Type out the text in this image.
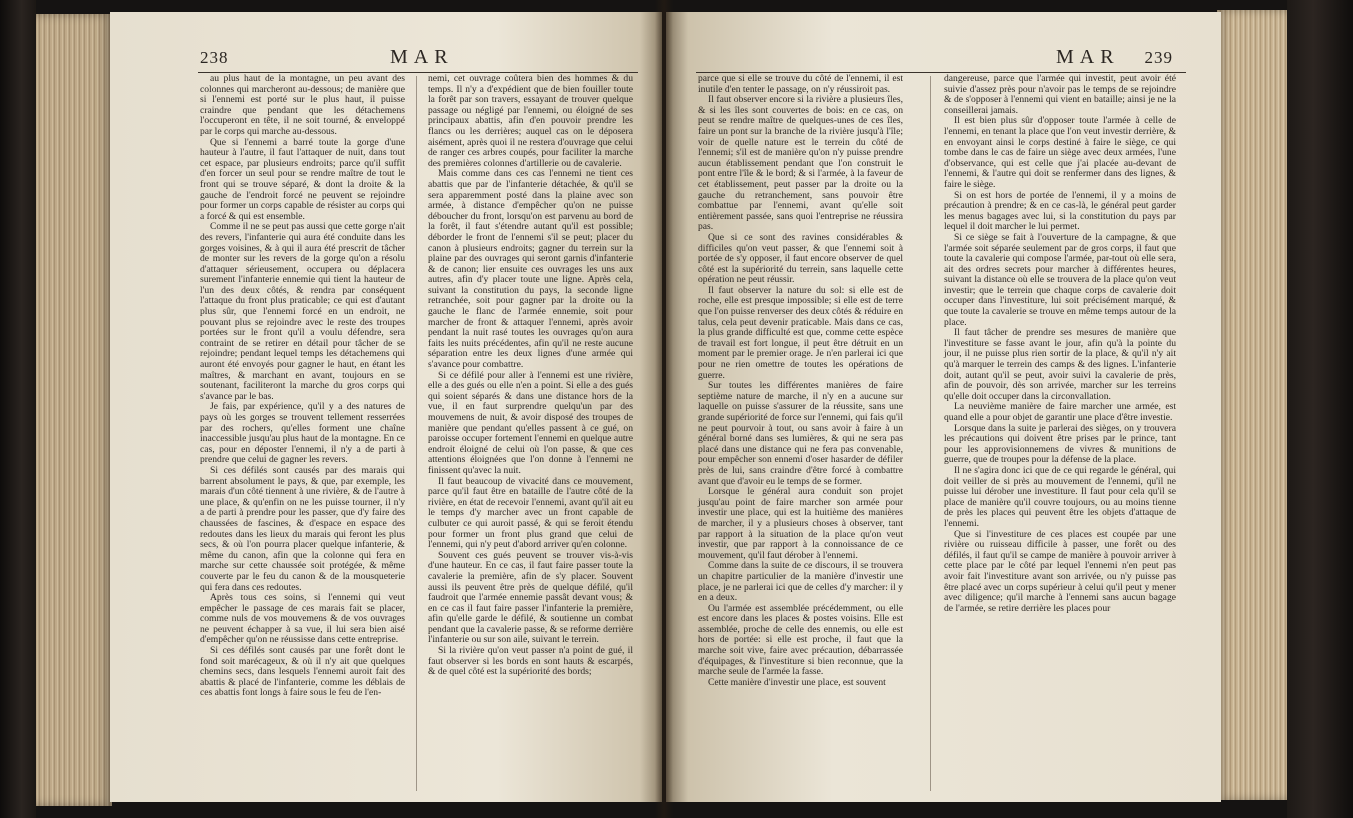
238	MAR

au plus haut de la montagne, un peu avant des colonnes qui marcheront au-dessous; de manière que si l'ennemi est porté sur le plus haut, il puisse craindre que pendant que les détachemens l'occuperont en tête, il ne soit tourné, & enveloppé par le corps qui marche au-dessous.

Que si l'ennemi a barré toute la gorge d'une hauteur à l'autre, il faut l'attaquer de nuit, dans tout cet espace, par plusieurs endroits; parce qu'il suffit d'en forcer un seul pour se rendre maître de tout le front qui se trouve séparé, & dont la droite & la gauche de l'endroit forcé ne peuvent se rejoindre pour former un corps capable de résister au corps qui a forcé & qui est ensemble.

Comme il ne se peut pas aussi que cette gorge n'ait des revers, l'infanterie qui aura été conduite dans les gorges voisines, & à qui il aura été prescrit de tâcher de monter sur les revers de la gorge qu'on a résolu d'attaquer sérieusement, occupera ou déplacera surement l'infanterie ennemie qui tient la hauteur de l'un des deux côtés, & rendra par conséquent l'attaque du front plus praticable; ce qui est d'autant plus sûr, que l'ennemi forcé en un endroit, ne pouvant plus se rejoindre avec le reste des troupes portées sur le front qu'il a voulu défendre, sera contraint de se retirer en détail pour tâcher de se rejoindre; pendant lequel temps les détachemens qui auront été envoyés pour gagner le haut, en étant les maîtres, & marchant en avant, toujours en se soutenant, faciliteront la marche du gros corps qui s'avance par le bas.

Je fais, par expérience, qu'il y a des natures de pays où les gorges se trouvent tellement resserrées par des rochers, qu'elles forment une chaîne inaccessible jusqu'au plus haut de la montagne. En ce cas, pour en déposter l'ennemi, il n'y a de parti à prendre que celui de gagner les revers.

Si ces défilés sont causés par des marais qui barrent absolument le pays, & que, par exemple, les marais d'un côté tiennent à une rivière, & de l'autre à une place, & qu'enfin on ne les puisse tourner, il n'y a de parti à prendre pour les passer, que d'y faire des chaussées de fascines, & d'espace en espace des redoutes dans les lieux du marais qui feront les plus secs, & où l'on pourra placer quelque infanterie, & même du canon, afin que la colonne qui fera en marche sur cette chaussée soit protégée, & même couverte par le feu du canon & de la mousqueterie qui fera dans ces redoutes.

Après tous ces soins, si l'ennemi qui veut empêcher le passage de ces marais fait se placer, comme nuls de vos mouvemens & de vos ouvrages ne peuvent échapper à sa vue, il lui sera bien aisé d'empêcher qu'on ne réussisse dans cette entreprise.

Si ces défilés sont causés par une forêt dont le fond soit marécageux, & où il n'y ait que quelques chemins secs, dans lesquels l'ennemi auroit fait des abattis & placé de l'infanterie, comme les déblais de ces abattis font longs à faire sous le feu de l'en-

nemi, cet ouvrage coûtera bien des hommes & du temps. Il n'y a d'expédient que de bien fouiller toute la forêt par son travers, essayant de trouver quelque passage ou négligé par l'ennemi, ou éloigné de ses principaux abattis, afin d'en pouvoir prendre les flancs ou les derrières; auquel cas on le déposera aisément, après quoi il ne restera d'ouvrage que celui de ranger ces arbres coupés, pour faciliter la marche des premières colonnes d'artillerie ou de cavalerie.

Mais comme dans ces cas l'ennemi ne tient ces abattis que par de l'infanterie détachée, & qu'il se sera apparemment posté dans la plaine avec son armée, à distance d'empêcher qu'on ne puisse déboucher du front, lorsqu'on est parvenu au bord de la forêt, il faut s'étendre autant qu'il est possible; déborder le front de l'ennemi s'il se peut; placer du canon à plusieurs endroits; gagner du terrein sur la plaine par des ouvrages qui seront garnis d'infanterie & de canon; lier ensuite ces ouvrages les uns aux autres, afin d'y placer toute une ligne. Après cela, suivant la constitution du pays, la seconde ligne retranchée, soit pour gagner par la droite ou la gauche le flanc de l'armée ennemie, soit pour marcher de front & attaquer l'ennemi, après avoir pendant la nuit rasé toutes les ouvrages qu'on aura faits les nuits précédentes, afin qu'il ne reste aucune séparation entre les deux lignes d'une armée qui s'avance pour combattre.

Si ce défilé pour aller à l'ennemi est une rivière, elle a des gués ou elle n'en a point. Si elle a des gués qui soient séparés & dans une distance hors de la vue, il en faut surprendre quelqu'un par des mouvemens de nuit, & avoir disposé des troupes de manière que pendant qu'elles passent à ce gué, on paroisse occuper fortement l'ennemi en quelque autre endroit éloigné de celui où l'on passe, & que ces attentions éloignées que l'on donne à l'ennemi ne finissent qu'avec la nuit.

Il faut beaucoup de vivacité dans ce mouvement, parce qu'il faut être en bataille de l'autre côté de la rivière, en état de recevoir l'ennemi, avant qu'il ait eu le temps d'y marcher avec un front capable de culbuter ce qui auroit passé, & qui se feroit étendu pour former un front plus grand que celui de l'ennemi, qui n'y peut d'abord arriver qu'en colonne.

Souvent ces gués peuvent se trouver vis-à-vis d'une hauteur. En ce cas, il faut faire passer toute la cavalerie la première, afin de s'y placer. Souvent aussi ils peuvent être près de quelque défilé, qu'il faudroit que l'armée ennemie passât devant vous; & en ce cas il faut faire passer l'infanterie la première, afin qu'elle garde le défilé, & soutienne un combat pendant que la cavalerie passe, & se reforme derrière l'infanterie ou sur son aile, suivant le terrein.

Si la rivière qu'on veut passer n'a point de gué, il faut observer si les bords en sont hauts & escarpés, & de quel côté est la supériorité des bords;

MAR 239

parce que si elle se trouve du côté de l'ennemi, il est inutile d'en tenter le passage, on n'y réussiroit pas.

Il faut observer encore si la rivière a plusieurs îles, & si les îles sont couvertes de bois: en ce cas, on peut se rendre maître de quelques-unes de ces îles, faire un pont sur la branche de la rivière jusqu'à l'île; voir de quelle nature est le terrein du côté de l'ennemi; s'il est de manière qu'on n'y puisse prendre aucun établissement pendant que l'on construit le pont entre l'île & le bord; & si l'armée, à la faveur de cet établissement, peut passer par la droite ou la gauche du retranchement, sans pouvoir être combattue par l'ennemi, avant qu'elle soit entièrement passée, sans quoi l'entreprise ne réussira pas.

Que si ce sont des ravines considérables & difficiles qu'on veut passer, & que l'ennemi soit à portée de s'y opposer, il faut encore observer de quel côté est la supériorité du terrein, sans laquelle cette opération ne peut réussir.

Il faut observer la nature du sol: si elle est de roche, elle est presque impossible; si elle est de terre que l'on puisse renverser des deux côtés & réduire en talus, cela peut devenir praticable. Mais dans ce cas, la plus grande difficulté est que, comme cette espèce de travail est fort longue, il peut être détruit en un moment par le premier orage. Je n'en parlerai ici que pour ne rien omettre de toutes les opérations de guerre.

Sur toutes les différentes manières de faire septième nature de marche, il n'y en a aucune sur laquelle on puisse s'assurer de la réussite, sans une grande supériorité de force sur l'ennemi, qui fais qu'il ne peut pourvoir à tout, ou sans avoir à faire à un général borné dans ses lumières, & qui ne sera pas placé dans une distance qui ne fera pas convenable, pour empêcher son ennemi d'oser hasarder de défiler près de lui, sans craindre d'être forcé à combattre avant que d'avoir eu le temps de se former.

Lorsque le général aura conduit son projet jusqu'au point de faire marcher son armée pour investir une place, qui est la huitième des manières de marcher, il y a plusieurs choses à observer, tant par rapport à la situation de la place qu'on veut investir, que par rapport à la connoissance de ce mouvement, qu'il faut dérober à l'ennemi.

Comme dans la suite de ce discours, il se trouvera un chapitre particulier de la manière d'investir une place, je ne parlerai ici que de celles d'y marcher: il y en a deux.

Ou l'armée est assemblée précédemment, ou elle est encore dans les places & postes voisins. Elle est assemblée, proche de celle des ennemis, ou elle est hors de portée: si elle est proche, il faut que la marche soit vive, faire avec précaution, débarrassée d'équipages, & l'investiture si bien reconnue, que la marche seule de l'armée la fasse.

Cette manière d'investir une place, est souvent

dangereuse, parce que l'armée qui investit, peut avoir été suivie d'assez près pour n'avoir pas le temps de se rejoindre & de s'opposer à l'ennemi qui vient en bataille; ainsi je ne la conseillerai jamais.

Il est bien plus sûr d'opposer toute l'armée à celle de l'ennemi, en tenant la place que l'on veut investir derrière, & en envoyant ainsi le corps destiné à faire le siège, ce qui tombe dans le cas de faire un siège avec deux armées, l'une d'observance, qui est celle que j'ai placée au-devant de l'ennemi, & l'autre qui doit se renfermer dans des lignes, & faire le siège.

Si on est hors de portée de l'ennemi, il y a moins de précaution à prendre; & en ce cas-là, le général peut garder les menus bagages avec lui, si la constitution du pays par lequel il doit marcher le lui permet.

Si ce siège se fait à l'ouverture de la campagne, & que l'armée soit séparée seulement par de gros corps, il faut que toute la cavalerie qui compose l'armée, par-tout où elle sera, ait des ordres secrets pour marcher à différentes heures, suivant la distance où elle se trouvera de la place qu'on veut investir; que le terrein que chaque corps de cavalerie doit occuper dans l'investiture, lui soit précisément marqué, & que toute la cavalerie se trouve en même temps autour de la place.

Il faut tâcher de prendre ses mesures de manière que l'investiture se fasse avant le jour, afin qu'à la pointe du jour, il ne puisse plus rien sortir de la place, & qu'il n'y ait qu'à marquer le terrein des camps & des lignes. L'infanterie doit, autant qu'il se peut, avoir suivi la cavalerie de près, afin de pouvoir, dès son arrivée, marcher sur les terreins qu'elle doit occuper dans la circonvallation.

La neuvième manière de faire marcher une armée, est quand elle a pour objet de garantir une place d'être investie.

Lorsque dans la suite je parlerai des sièges, on y trouvera les précautions qui doivent être prises par le prince, tant pour les approvisionnemens de vivres & munitions de guerre, que de troupes pour la défense de la place.

Il ne s'agira donc ici que de ce qui regarde le général, qui doit veiller de si près au mouvement de l'ennemi, qu'il ne puisse lui dérober une investiture. Il faut pour cela qu'il se place de manière qu'il couvre toujours, ou au moins tienne de près les places qui peuvent être les objets d'attaque de l'ennemi.

Que si l'investiture de ces places est coupée par une rivière ou ruisseau difficile à passer, une forêt ou des défilés, il faut qu'il se campe de manière à pouvoir arriver à cette place par le côté par lequel l'ennemi n'en peut pas avoir fait l'investiture avant son arrivée, ou n'y puisse pas être placé avec un corps supérieur à celui qu'il peut y mener avec diligence; qu'il marche à l'ennemi sans aucun bagage de l'armée, se retire derrière les places pour
